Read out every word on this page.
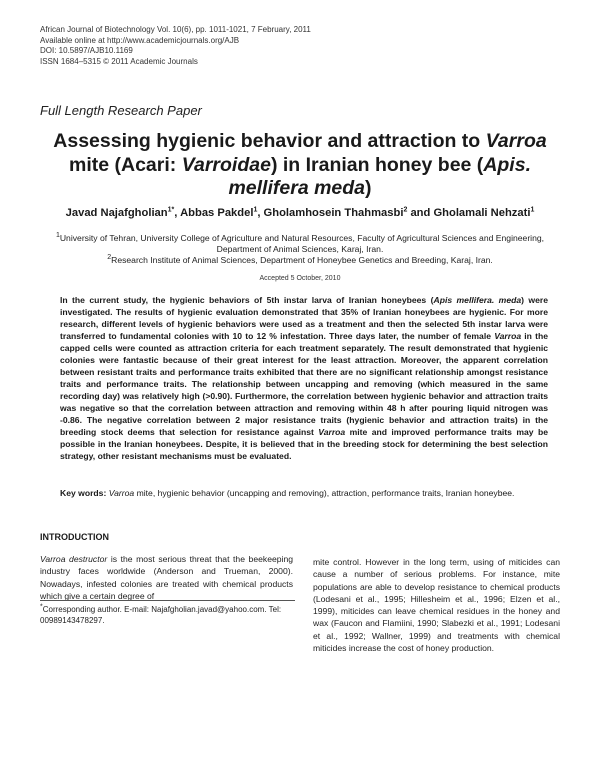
African Journal of Biotechnology Vol. 10(6), pp. 1011-1021, 7 February, 2011
Available online at http://www.academicjournals.org/AJB
DOI: 10.5897/AJB10.1169
ISSN 1684–5315 © 2011 Academic Journals
Full Length Research Paper
Assessing hygienic behavior and attraction to Varroa mite (Acari: Varroidae) in Iranian honey bee (Apis. mellifera meda)
Javad Najafgholian$^{1*}$, Abbas Pakdel$^1$, Gholamhosein Thahmasbi$^2$ and Gholamali Nehzati$^1$
$^1$University of Tehran, University College of Agriculture and Natural Resources, Faculty of Agricultural Sciences and Engineering, Department of Animal Sciences, Karaj, Iran.
$^2$Research Institute of Animal Sciences, Department of Honeybee Genetics and Breeding, Karaj, Iran.
Accepted 5 October, 2010
In the current study, the hygienic behaviors of 5th instar larva of Iranian honeybees (Apis mellifera. meda) were investigated. The results of hygienic evaluation demonstrated that 35% of Iranian honeybees are hygienic. For more research, different levels of hygienic behaviors were used as a treatment and then the selected 5th instar larva were transferred to fundamental colonies with 10 to 12 % infestation. Three days later, the number of female Varroa in the capped cells were counted as attraction criteria for each treatment separately. The result demonstrated that hygienic colonies were fantastic because of their great interest for the least attraction. Moreover, the apparent correlation between resistant traits and performance traits exhibited that there are no significant relationship amongst resistance traits and performance traits. The relationship between uncapping and removing (which measured in the same recording day) was relatively high (>0.90). Furthermore, the correlation between hygienic behavior and attraction traits was negative so that the correlation between attraction and removing within 48 h after pouring liquid nitrogen was -0.86. The negative correlation between 2 major resistance traits (hygienic behavior and attraction traits) in the breeding stock deems that selection for resistance against Varroa mite and improved performance traits may be possible in the Iranian honeybees. Despite, it is believed that in the breeding stock for determining the best selection strategy, other resistant mechanisms must be evaluated.
Key words: Varroa mite, hygienic behavior (uncapping and removing), attraction, performance traits, Iranian honeybee.
INTRODUCTION
Varroa destructor is the most serious threat that the beekeeping industry faces worldwide (Anderson and Trueman, 2000). Nowadays, infested colonies are treated with chemical products which give a certain degree of
mite control. However in the long term, using of miticides can cause a number of serious problems. For instance, mite populations are able to develop resistance to chemical products (Lodesani et al., 1995; Hillesheim et al., 1996; Elzen et al., 1999), miticides can leave chemical residues in the honey and wax (Faucon and Flamiini, 1990; Slabezki et al., 1991; Lodesani et al., 1992; Wallner, 1999) and treatments with chemical miticides increase the cost of honey production.
*Corresponding author. E-mail: Najafgholian.javad@yahoo.com. Tel: 00989143478297.
